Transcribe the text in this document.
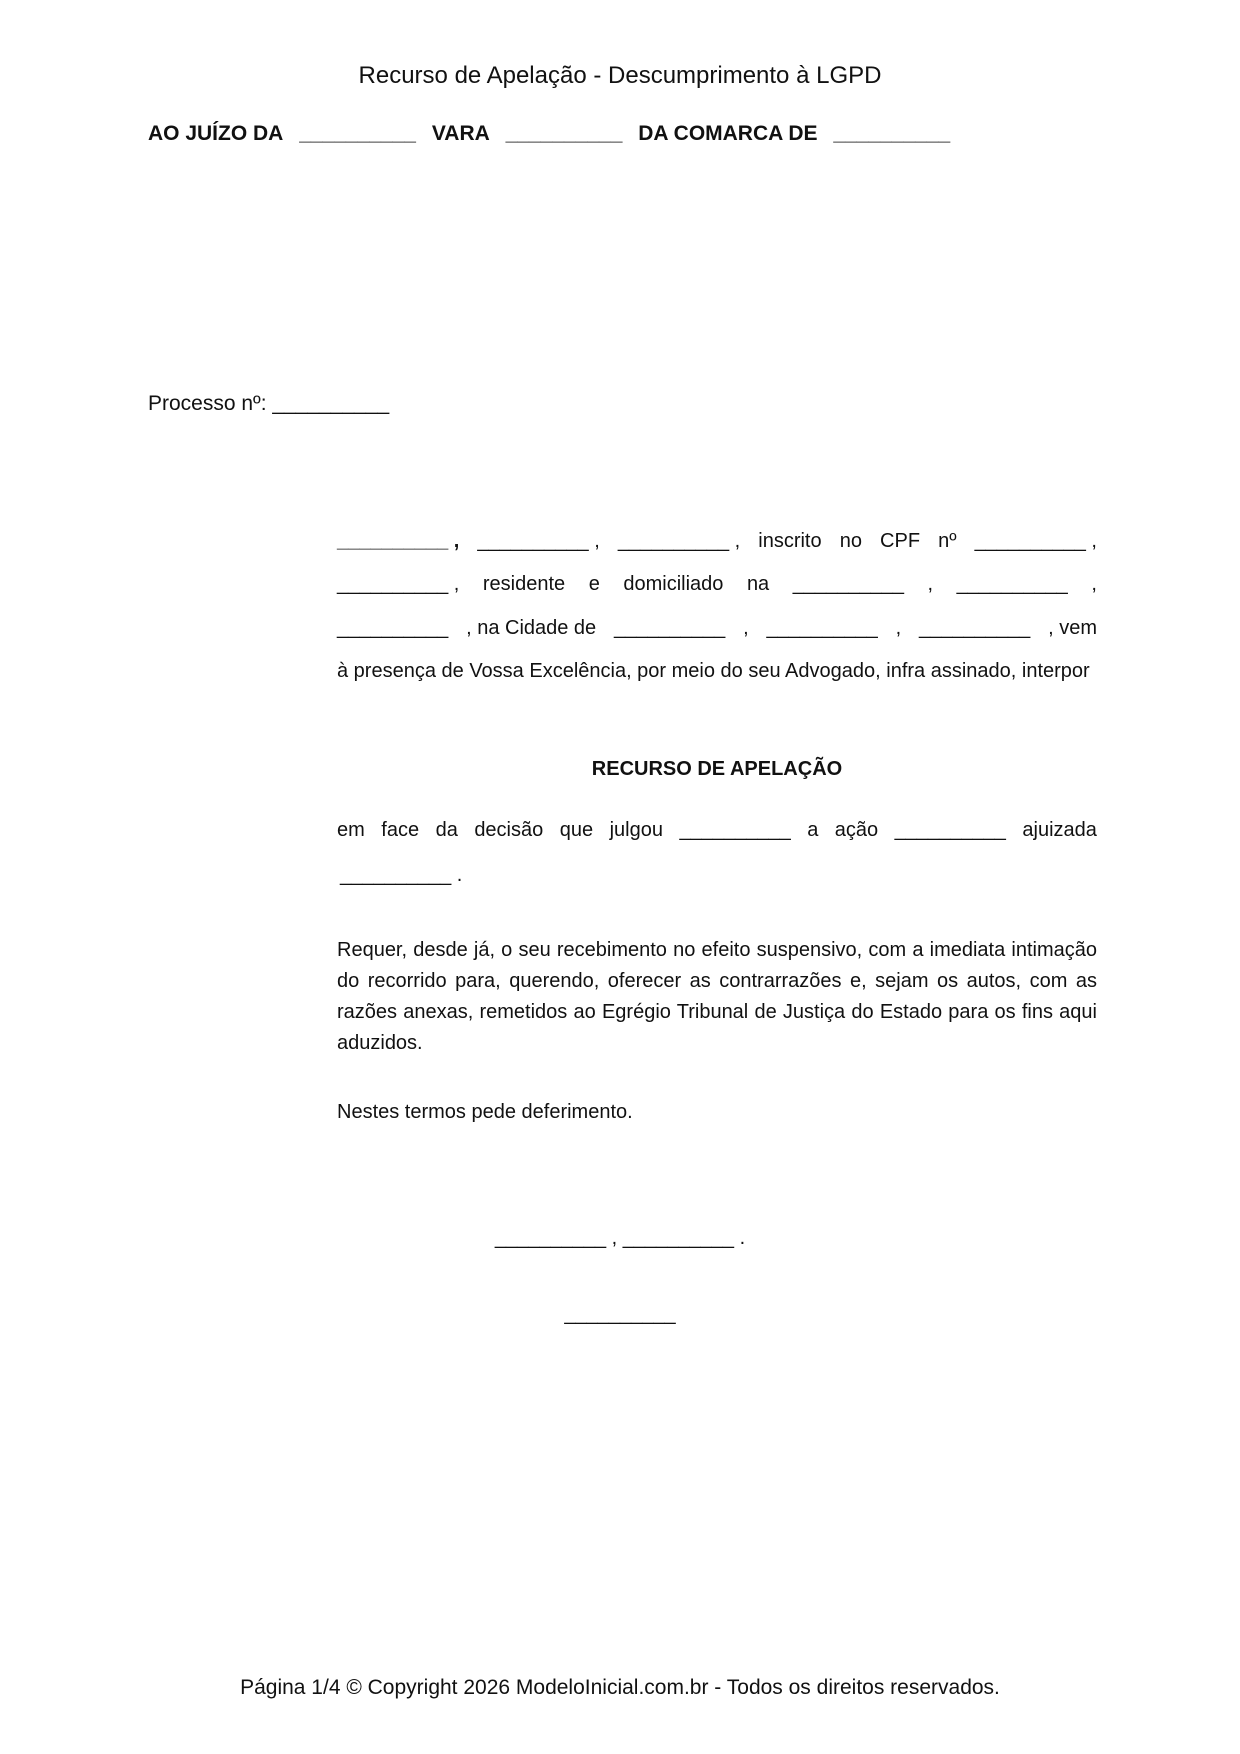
Recurso de Apelação - Descumprimento à LGPD
AO JUÍZO DA __________ VARA __________ DA COMARCA DE __________
Processo nº: __________
__________ , __________ , __________ , inscrito no CPF nº __________ ,
__________ , residente e domiciliado na __________ , __________ ,
__________ , na Cidade de __________ , __________ , __________ , vem
à presença de Vossa Excelência, por meio do seu Advogado, infra assinado, interpor
RECURSO DE APELAÇÃO
em face da decisão que julgou __________ a ação __________ ajuizada
__________ .
Requer, desde já, o seu recebimento no efeito suspensivo, com a imediata intimação do recorrido para, querendo, oferecer as contrarrazões e, sejam os autos, com as razões anexas, remetidos ao Egrégio Tribunal de Justiça do Estado para os fins aqui aduzidos.
Nestes termos pede deferimento.
__________ , __________ .
__________
Página 1/4 © Copyright 2026 ModeloInicial.com.br - Todos os direitos reservados.
